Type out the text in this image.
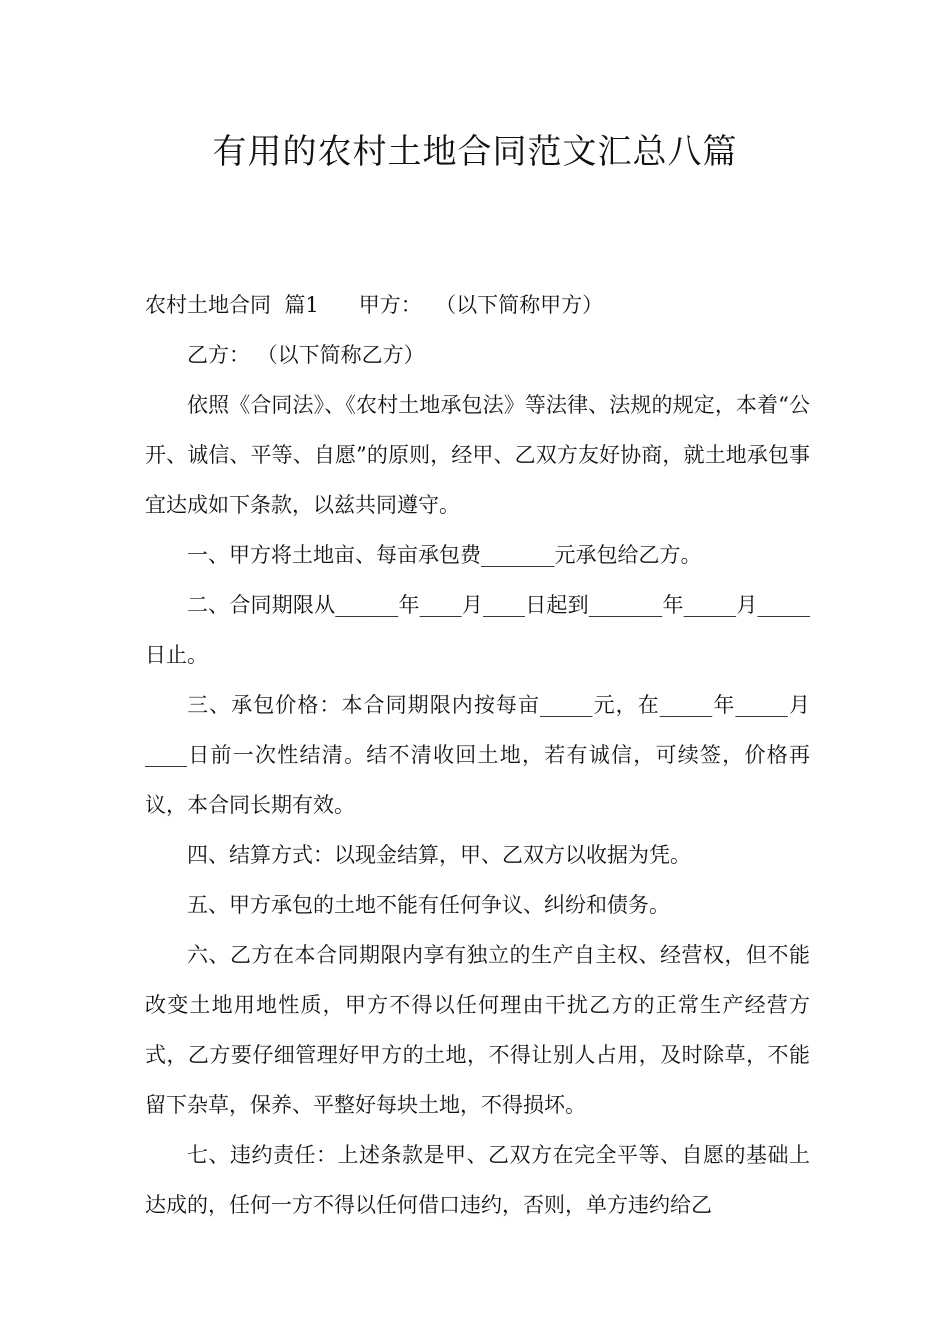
有用的农村土地合同范文汇总八篇

农村土地合同  篇1      甲方：  （以下简称甲方）

乙方： （以下简称乙方）

依照《合同法》、《农村土地承包法》等法律、法规的规定，本着“公开、诚信、平等、自愿”的原则，经甲、乙双方友好协商，就土地承包事宜达成如下条款，以兹共同遵守。

一、甲方将土地亩、每亩承包费_______元承包给乙方。

二、合同期限从______年____月____日起到_______年_____月_____日止。

三、承包价格：本合同期限内按每亩_____元，在_____年_____月____日前一次性结清。结不清收回土地，若有诚信，可续签，价格再议，本合同长期有效。

四、结算方式：以现金结算，甲、乙双方以收据为凭。

五、甲方承包的土地不能有任何争议、纠纷和债务。

六、乙方在本合同期限内享有独立的生产自主权、经营权，但不能改变土地用地性质，甲方不得以任何理由干扰乙方的正常生产经营方式，乙方要仔细管理好甲方的土地，不得让别人占用，及时除草，不能留下杂草，保养、平整好每块土地，不得损坏。

七、违约责任：上述条款是甲、乙双方在完全平等、自愿的基础上达成的，任何一方不得以任何借口违约，否则，单方违约给乙
